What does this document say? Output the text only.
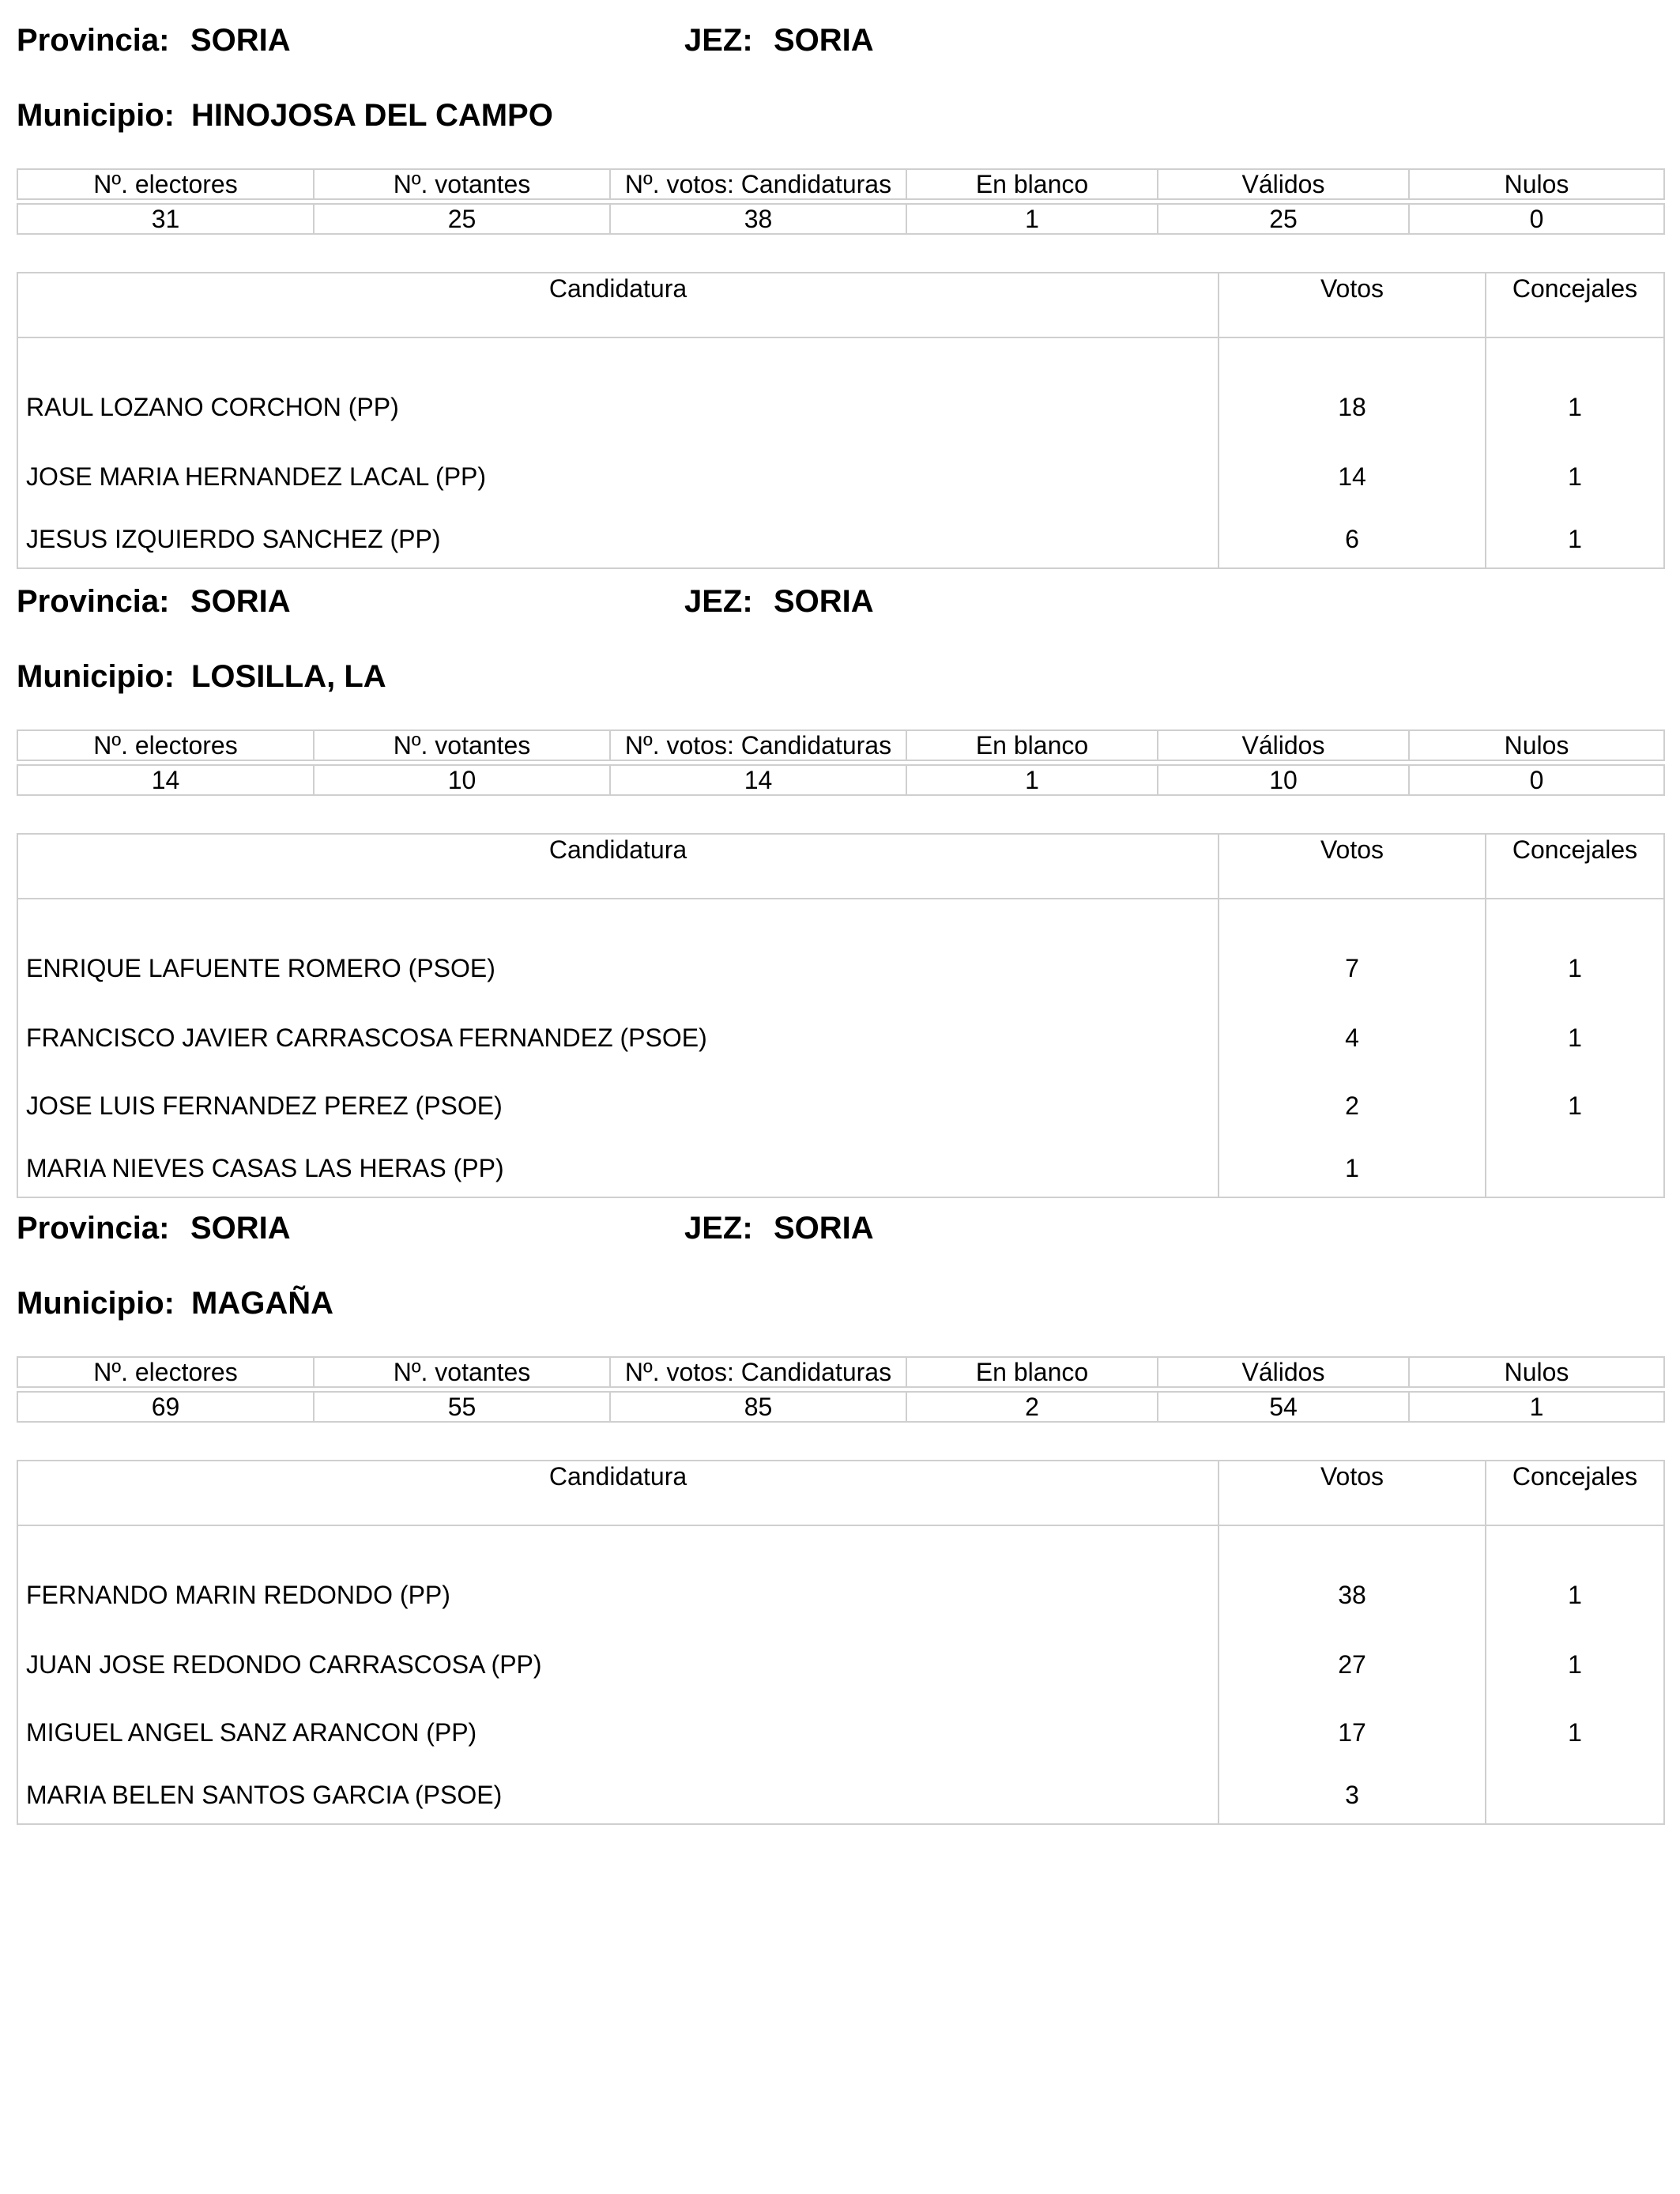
Provincia: SORIA	JEZ: SORIA
Municipio: HINOJOSA DEL CAMPO
Nº. electores	Nº. votantes	Nº. votos: Candidaturas	En blanco	Válidos	Nulos

31	25	38	1	25	0
Candidatura	Votos	Concejales
RAUL LOZANO CORCHON (PP)	18	1
JOSE MARIA HERNANDEZ LACAL (PP)	14	1
JESUS IZQUIERDO SANCHEZ (PP)	6	1
Provincia: SORIA	JEZ: SORIA
Municipio: LOSILLA, LA
Nº. electores	Nº. votantes	Nº. votos: Candidaturas	En blanco	Válidos	Nulos

14	10	14	1	10	0
Candidatura	Votos	Concejales
ENRIQUE LAFUENTE ROMERO (PSOE)	7	1
FRANCISCO JAVIER CARRASCOSA FERNANDEZ (PSOE)	4	1
JOSE LUIS FERNANDEZ PEREZ (PSOE)	2	1
MARIA NIEVES CASAS LAS HERAS (PP)	1	
Provincia: SORIA	JEZ: SORIA
Municipio: MAGAÑA
Nº. electores	Nº. votantes	Nº. votos: Candidaturas	En blanco	Válidos	Nulos

69	55	85	2	54	1
Candidatura	Votos	Concejales
FERNANDO MARIN REDONDO (PP)	38	1
JUAN JOSE REDONDO CARRASCOSA (PP)	27	1
MIGUEL ANGEL SANZ ARANCON (PP)	17	1
MARIA BELEN SANTOS GARCIA (PSOE)	3	
